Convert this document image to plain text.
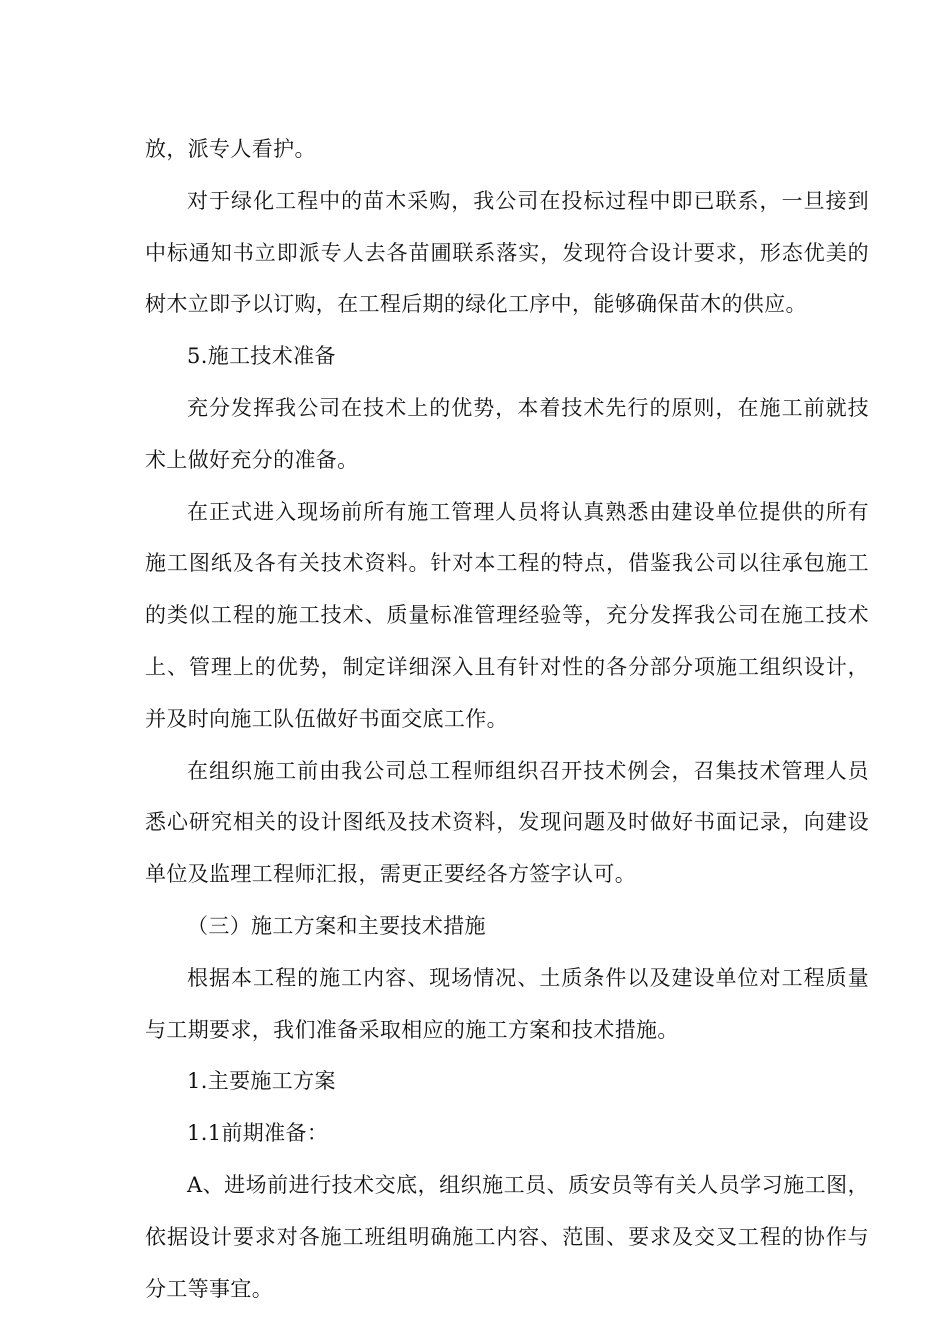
放，派专人看护。

对于绿化工程中的苗木采购，我公司在投标过程中即已联系，一旦接到中标通知书立即派专人去各苗圃联系落实，发现符合设计要求，形态优美的树木立即予以订购，在工程后期的绿化工序中，能够确保苗木的供应。

5.施工技术准备

充分发挥我公司在技术上的优势，本着技术先行的原则，在施工前就技术上做好充分的准备。

在正式进入现场前所有施工管理人员将认真熟悉由建设单位提供的所有施工图纸及各有关技术资料。针对本工程的特点，借鉴我公司以往承包施工的类似工程的施工技术、质量标准管理经验等，充分发挥我公司在施工技术上、管理上的优势，制定详细深入且有针对性的各分部分项施工组织设计，并及时向施工队伍做好书面交底工作。

在组织施工前由我公司总工程师组织召开技术例会，召集技术管理人员悉心研究相关的设计图纸及技术资料，发现问题及时做好书面记录，向建设单位及监理工程师汇报，需更正要经各方签字认可。

（三）施工方案和主要技术措施

根据本工程的施工内容、现场情况、土质条件以及建设单位对工程质量与工期要求，我们准备采取相应的施工方案和技术措施。

1.主要施工方案

1.1前期准备：

A、进场前进行技术交底，组织施工员、质安员等有关人员学习施工图，依据设计要求对各施工班组明确施工内容、范围、要求及交叉工程的协作与分工等事宜。
